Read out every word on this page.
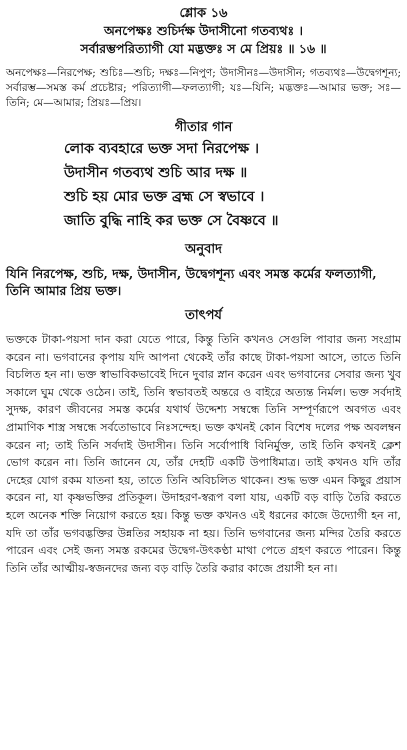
শ্লোক ১৬
অনপেক্ষঃ শুচির্দক্ষ উদাসীনো গতব্যথঃ ।
সর্বারম্ভপরিত্যাগী যো মদ্ভক্তঃ স মে প্রিয়ঃ ॥ ১৬ ॥
অনপেক্ষঃ—নিরপেক্ষ; শুচিঃ—শুচি; দক্ষঃ—নিপুণ; উদাসীনঃ—উদাসীন; গতব্যথঃ—উদ্বেগশূন্য; সর্বারম্ভ—সমস্ত কর্ম প্রচেষ্টার; পরিত্যাগী—ফলত্যাগী; যঃ—যিনি; মদ্ভক্তঃ—আমার ভক্ত; সঃ—তিনি; মে—আমার; প্রিয়ঃ—প্রিয়।
গীতার গান
লোক ব্যবহারে ভক্ত সদা নিরপেক্ষ ।
উদাসীন গতব্যথ শুচি আর দক্ষ ॥
শুচি হয় মোর ভক্ত ব্রহ্ম সে স্বভাবে ।
জাতি বুদ্ধি নাহি কর ভক্ত সে বৈষ্ণবে ॥
অনুবাদ
যিনি নিরপেক্ষ, শুচি, দক্ষ, উদাসীন, উদ্বেগশূন্য এবং সমস্ত কর্মের ফলত্যাগী, তিনি আমার প্রিয় ভক্ত।
তাৎপর্য
ভক্তকে টাকা-পয়সা দান করা যেতে পারে, কিন্তু তিনি কখনও সেগুলি পাবার জন্য সংগ্রাম করেন না। ভগবানের কৃপায় যদি আপনা থেকেই তাঁর কাছে টাকা-পয়সা আসে, তাতে তিনি বিচলিত হন না। ভক্ত স্বাভাবিকভাবেই দিনে দুবার স্নান করেন এবং ভগবানের সেবার জন্য খুব সকালে ঘুম থেকে ওঠেন। তাই, তিনি স্বভাবতই অন্তরে ও বাইরে অত্যন্ত নির্মল। ভক্ত সর্বদাই সুদক্ষ, কারণ জীবনের সমস্ত কর্মের যথার্থ উদ্দেশ্য সম্বন্ধে তিনি সম্পূর্ণরূপে অবগত এবং প্রামাণিক শাস্ত্র সম্বন্ধে সর্বতোভাবে নিঃসন্দেহ। ভক্ত কখনই কোন বিশেষ দলের পক্ষ অবলম্বন করেন না; তাই তিনি সর্বদাই উদাসীন। তিনি সর্বোপাধি বিনির্মুক্ত, তাই তিনি কখনই ক্লেশ ভোগ করেন না। তিনি জানেন যে, তাঁর দেহটি একটি উপাধিমাত্র। তাই কখনও যদি তাঁর দেহের যোগ রকম যাতনা হয়, তাতে তিনি অবিচলিত থাকেন। শুদ্ধ ভক্ত এমন কিছুর প্রয়াস করেন না, যা কৃষ্ণভক্তির প্রতিকূল। উদাহরণ-স্বরূপ বলা যায়, একটি বড় বাড়ি তৈরি করতে হলে অনেক শক্তি নিয়োগ করতে হয়। কিন্তু ভক্ত কখনও এই ধরনের কাজে উদ্যোগী হন না, যদি তা তাঁর ভগবদ্ভক্তির উন্নতির সহায়ক না হয়। তিনি ভগবানের জন্য মন্দির তৈরি করতে পারেন এবং সেই জন্য সমস্ত রকমের উদ্বেগ-উৎকণ্ঠা মাথা পেতে গ্রহণ করতে পারেন। কিন্তু তিনি তাঁর আত্মীয়-স্বজনদের জন্য বড় বাড়ি তৈরি করার কাজে প্রয়াসী হন না।
